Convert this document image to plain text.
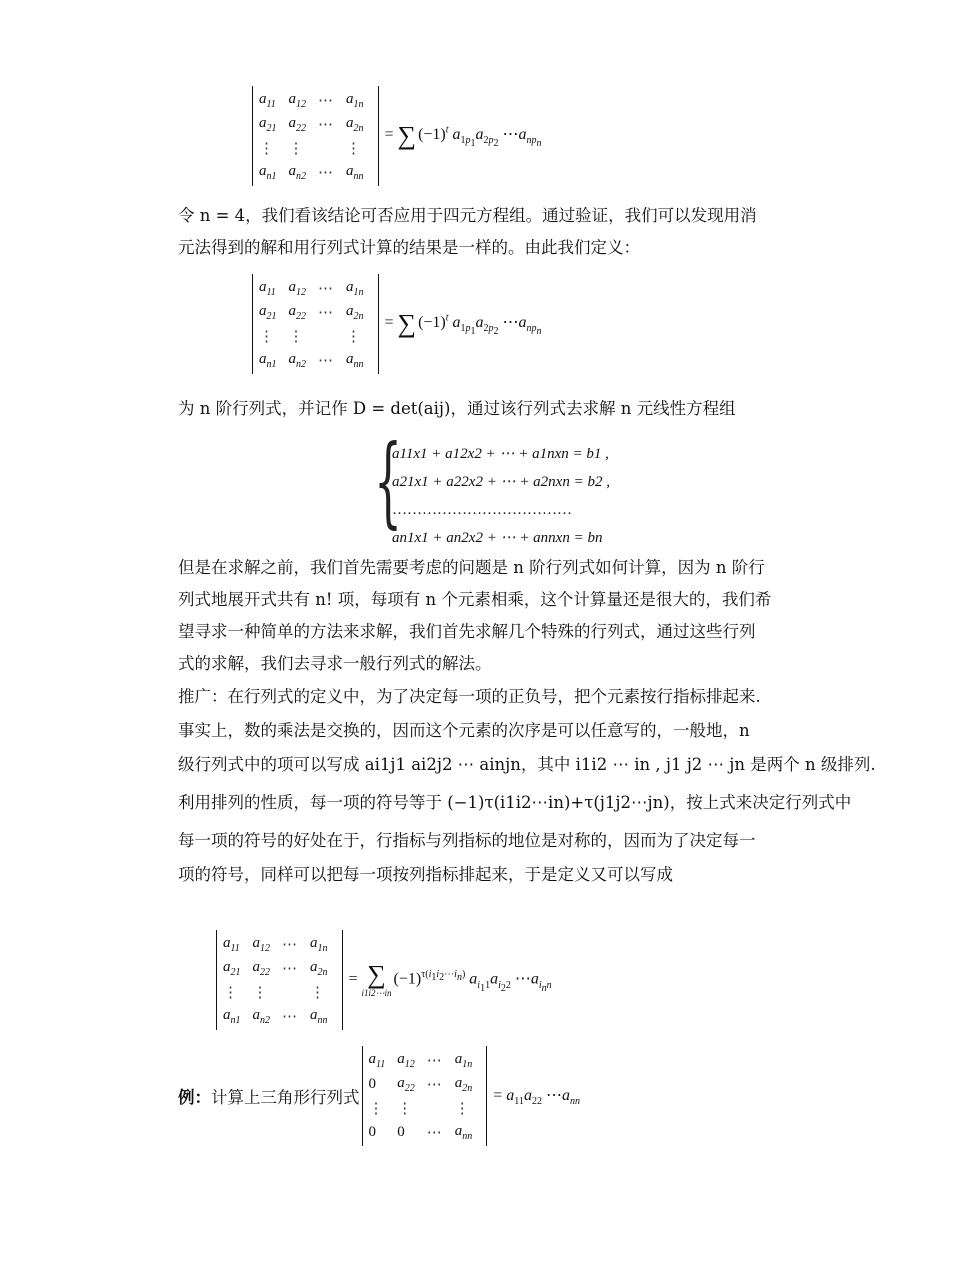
$a_{11}$	$a_{12}$	⋯	$a_{1n}$
$a_{21}$	$a_{22}$	⋯	$a_{2n}$
⋮	⋮		⋮
$a_{n1}$	$a_{n2}$	⋯	$a_{nn}$
= ∑ $(-1)^t$ $a_{1p_1}a_{2p_2}$ $\cdots a_{np_n}$
令 n = 4，我们看该结论可否应用于四元方程组。通过验证，我们可以发现用消
元法得到的解和用行列式计算的结果是一样的。由此我们定义：
$a_{11}$	$a_{12}$	⋯	$a_{1n}$
$a_{21}$	$a_{22}$	⋯	$a_{2n}$
⋮	⋮		⋮
$a_{n1}$	$a_{n2}$	⋯	$a_{nn}$
= ∑ $(-1)^t$ $a_{1p_1}a_{2p_2}$ $\cdots a_{np_n}$
为 n 阶行列式，并记作 D = det(aij)，通过该行列式去求解 n 元线性方程组
{
a11x1 + a12x2 + ⋯ + a1nxn = b1 ,
a21x1 + a22x2 + ⋯ + a2nxn = b2 ,
………………………………
an1x1 + an2x2 + ⋯ + annxn = bn
但是在求解之前，我们首先需要考虑的问题是 n 阶行列式如何计算，因为 n 阶行
列式地展开式共有 n! 项，每项有 n 个元素相乘，这个计算量还是很大的，我们希
望寻求一种简单的方法来求解，我们首先求解几个特殊的行列式，通过这些行列
式的求解，我们去寻求一般行列式的解法。
推广：在行列式的定义中，为了决定每一项的正负号，把个元素按行指标排起来.
事实上，数的乘法是交换的，因而这个元素的次序是可以任意写的，一般地，n
级行列式中的项可以写成 ai1j1 ai2j2 ⋯ ainjn，其中 i1i2 ⋯ in , j1 j2 ⋯ jn 是两个 n 级排列.
利用排列的性质，每一项的符号等于 (−1)τ(i1i2⋯in)+τ(j1j2⋯jn)，按上式来决定行列式中
每一项的符号的好处在于，行指标与列指标的地位是对称的，因而为了决定每一
项的符号，同样可以把每一项按列指标排起来，于是定义又可以写成
$a_{11}$	$a_{12}$	⋯	$a_{1n}$
$a_{21}$	$a_{22}$	⋯	$a_{2n}$
⋮	⋮		⋮
$a_{n1}$	$a_{n2}$	⋯	$a_{nn}$
= ∑
i1i2⋯in
$(-1)^{\tau(i_1i_2\cdots i_n)}$ $a_{i_11}a_{i_22}$ $\cdots a_{i_nn}$
例：计算上三角形行列式
$a_{11}$	$a_{12}$	⋯	$a_{1n}$
0	$a_{22}$	⋯	$a_{2n}$
⋮	⋮		⋮
0	0	⋯	$a_{nn}$
= $a_{11}a_{22}$ $\cdots a_{nn}$
